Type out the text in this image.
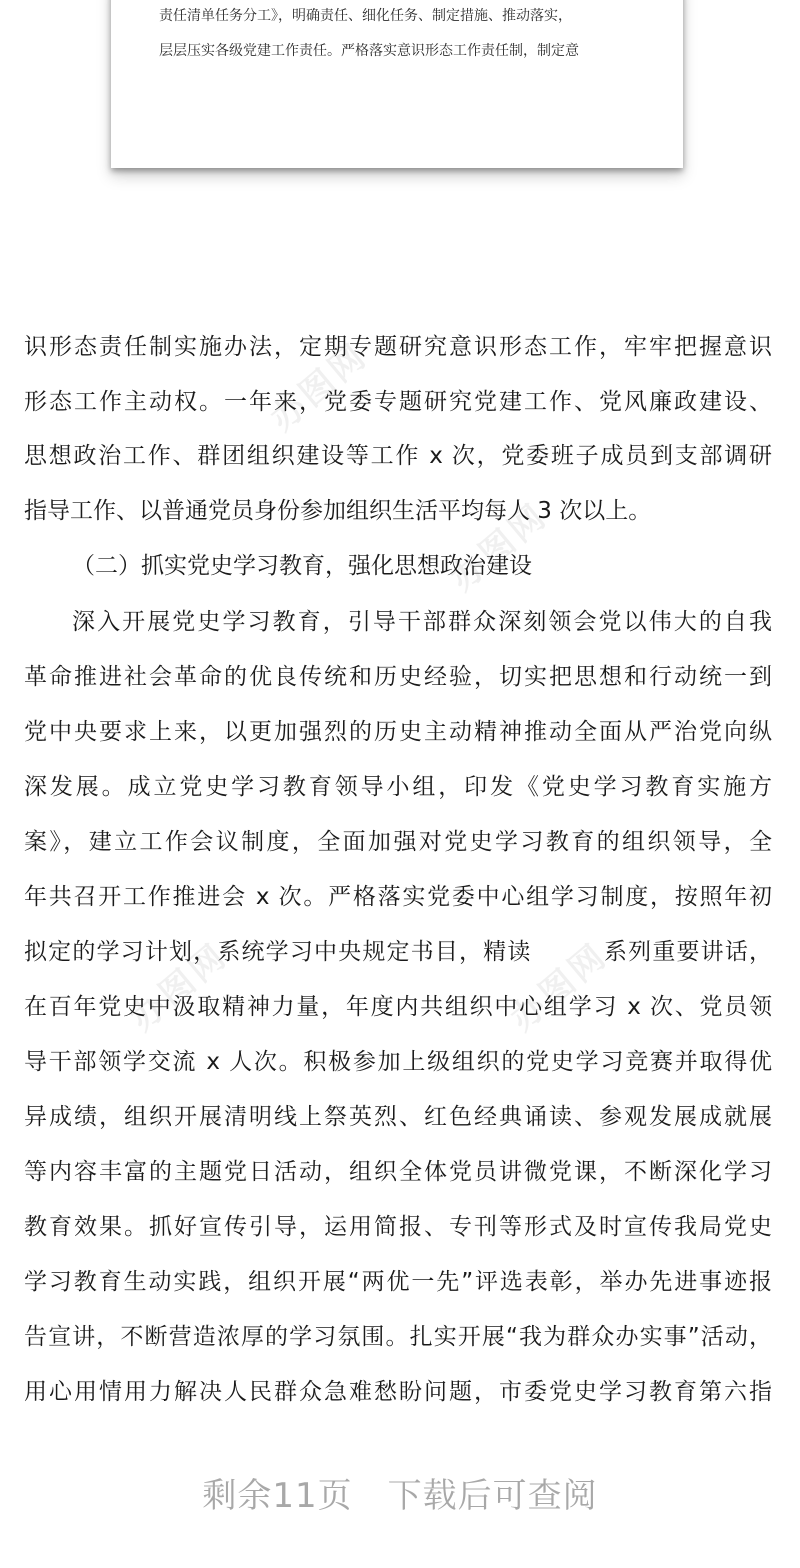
责任清单任务分工》，明确责任、细化任务、制定措施、推动落实，
层层压实各级党建工作责任。严格落实意识形态工作责任制，制定意
办图网
办图网	办图网
办图网
识形态责任制实施办法，定期专题研究意识形态工作，牢牢把握意识
形态工作主动权。一年来，党委专题研究党建工作、党风廉政建设、
思想政治工作、群团组织建设等工作 x 次，党委班子成员到支部调研
指导工作、以普通党员身份参加组织生活平均每人 3 次以上。
（二）抓实党史学习教育，强化思想政治建设
深入开展党史学习教育，引导干部群众深刻领会党以伟大的自我
革命推进社会革命的优良传统和历史经验，切实把思想和行动统一到
党中央要求上来，以更加强烈的历史主动精神推动全面从严治党向纵
深发展。成立党史学习教育领导小组，印发《党史学习教育实施方
案》，建立工作会议制度，全面加强对党史学习教育的组织领导，全
年共召开工作推进会 x 次。严格落实党委中心组学习制度，按照年初
拟定的学习计划，系统学习中央规定书目，精读　　　系列重要讲话，
在百年党史中汲取精神力量，年度内共组织中心组学习 x 次、党员领
导干部领学交流 x 人次。积极参加上级组织的党史学习竞赛并取得优
异成绩，组织开展清明线上祭英烈、红色经典诵读、参观发展成就展
等内容丰富的主题党日活动，组织全体党员讲微党课，不断深化学习
教育效果。抓好宣传引导，运用简报、专刊等形式及时宣传我局党史
学习教育生动实践，组织开展“两优一先”评选表彰，举办先进事迹报
告宣讲，不断营造浓厚的学习氛围。扎实开展“我为群众办实事”活动，
用心用情用力解决人民群众急难愁盼问题，市委党史学习教育第六指
剩余11页　下载后可查阅
